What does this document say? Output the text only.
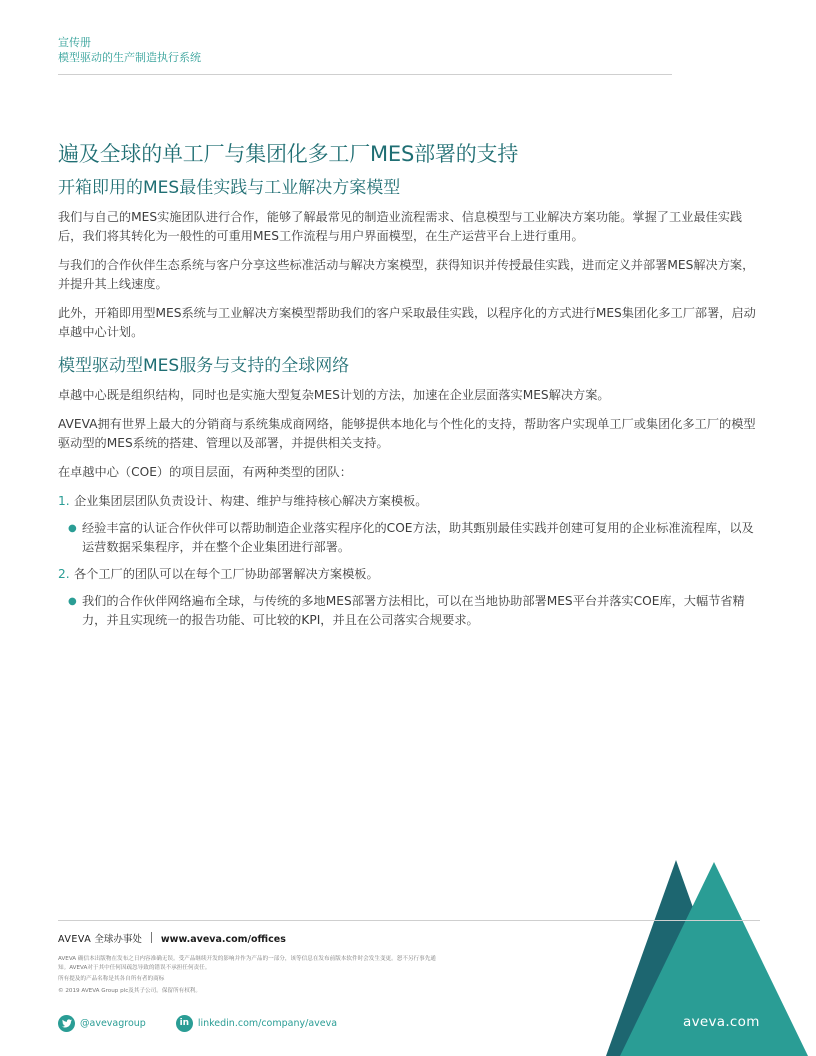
宣传册
模型驱动的生产制造执行系统
遍及全球的单工厂与集团化多工厂MES部署的支持
开箱即用的MES最佳实践与工业解决方案模型

我们与自己的MES实施团队进行合作，能够了解最常见的制造业流程需求、信息模型与工业解决方案功能。掌握了工业最佳实践后，我们将其转化为一般性的可重用MES工作流程与用户界面模型，在生产运营平台上进行重用。

与我们的合作伙伴生态系统与客户分享这些标准活动与解决方案模型，获得知识并传授最佳实践，进而定义并部署MES解决方案，并提升其上线速度。

此外，开箱即用型MES系统与工业解决方案模型帮助我们的客户采取最佳实践，以程序化的方式进行MES集团化多工厂部署，启动卓越中心计划。

模型驱动型MES服务与支持的全球网络

卓越中心既是组织结构，同时也是实施大型复杂MES计划的方法，加速在企业层面落实MES解决方案。

AVEVA拥有世界上最大的分销商与系统集成商网络，能够提供本地化与个性化的支持，帮助客户实现单工厂或集团化多工厂的模型驱动型的MES系统的搭建、管理以及部署，并提供相关支持。

在卓越中心（COE）的项目层面，有两种类型的团队：

1. 企业集团层团队负责设计、构建、维护与维持核心解决方案模板。
● 经验丰富的认证合作伙伴可以帮助制造企业落实程序化的COE方法，助其甄别最佳实践并创建可复用的企业标准流程库，以及运营数据采集程序，并在整个企业集团进行部署。
2. 各个工厂的团队可以在每个工厂协助部署解决方案模板。
● 我们的合作伙伴网络遍布全球，与传统的多地MES部署方法相比，可以在当地协助部署MES平台并落实COE库，大幅节省精力，并且实现统一的报告功能、可比较的KPI，并且在公司落实合规要求。
AVEVA 全球办事处 www.aveva.com/offices
AVEVA 确信本出版物在发布之日内容准确无误。受产品继续开发的影响并作为产品的一部分，该等信息在发布前版本软件时会发生变更。恕不另行事先通知。AVEVA对于其中任何因疏忽导致的错误不承担任何责任。
所有提及的产品名称是其各自所有者的商标
© 2019 AVEVA Group plc及其子公司。保留所有权利。
@avevagroup	in linkedin.com/company/aveva	aveva.com
